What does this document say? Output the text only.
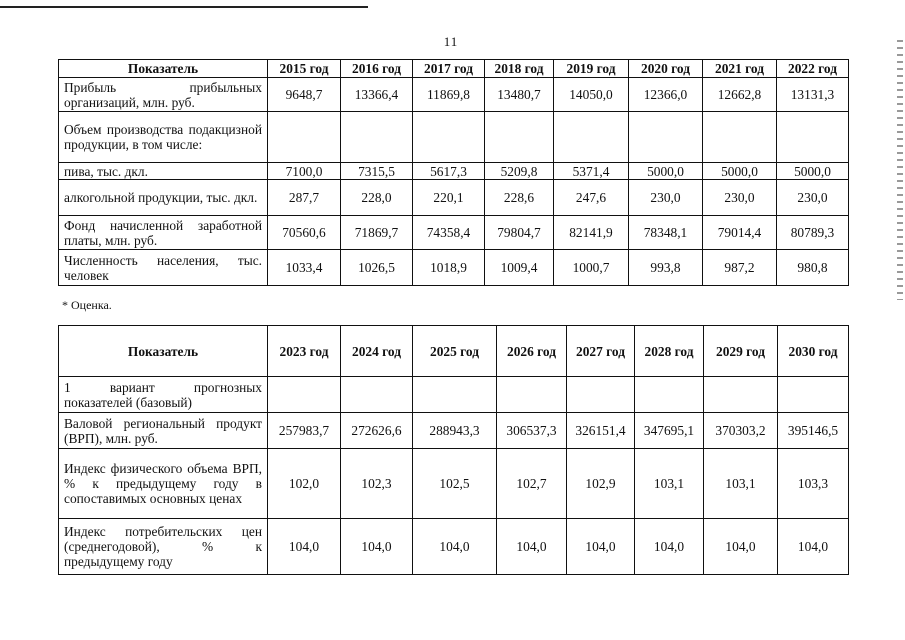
11
Показатель	2015 год	2016 год	2017 год	2018 год	2019 год	2020 год	2021 год	2022 год
Прибыль прибыльных организаций, млн. руб.	9648,7	13366,4	11869,8	13480,7	14050,0	12366,0	12662,8	13131,3
Объем производства подакцизной продукции, в том числе:								
пива, тыс. дкл.	7100,0	7315,5	5617,3	5209,8	5371,4	5000,0	5000,0	5000,0
алкогольной продукции, тыс. дкл.	287,7	228,0	220,1	228,6	247,6	230,0	230,0	230,0
Фонд начисленной заработной платы, млн. руб.	70560,6	71869,7	74358,4	79804,7	82141,9	78348,1	79014,4	80789,3
Численность населения, тыс. человек	1033,4	1026,5	1018,9	1009,4	1000,7	993,8	987,2	980,8
* Оценка.
Показатель	2023 год	2024 год	2025 год	2026 год	2027 год	2028 год	2029 год	2030 год
1 вариант прогнозных показателей (базовый)								
Валовой региональный продукт (ВРП), млн. руб.	257983,7	272626,6	288943,3	306537,3	326151,4	347695,1	370303,2	395146,5
Индекс физического объема ВРП, % к предыдущему году в сопоставимых основных ценах	102,0	102,3	102,5	102,7	102,9	103,1	103,1	103,3
Индекс потребительских цен (среднегодовой), % к предыдущему году	104,0	104,0	104,0	104,0	104,0	104,0	104,0	104,0
